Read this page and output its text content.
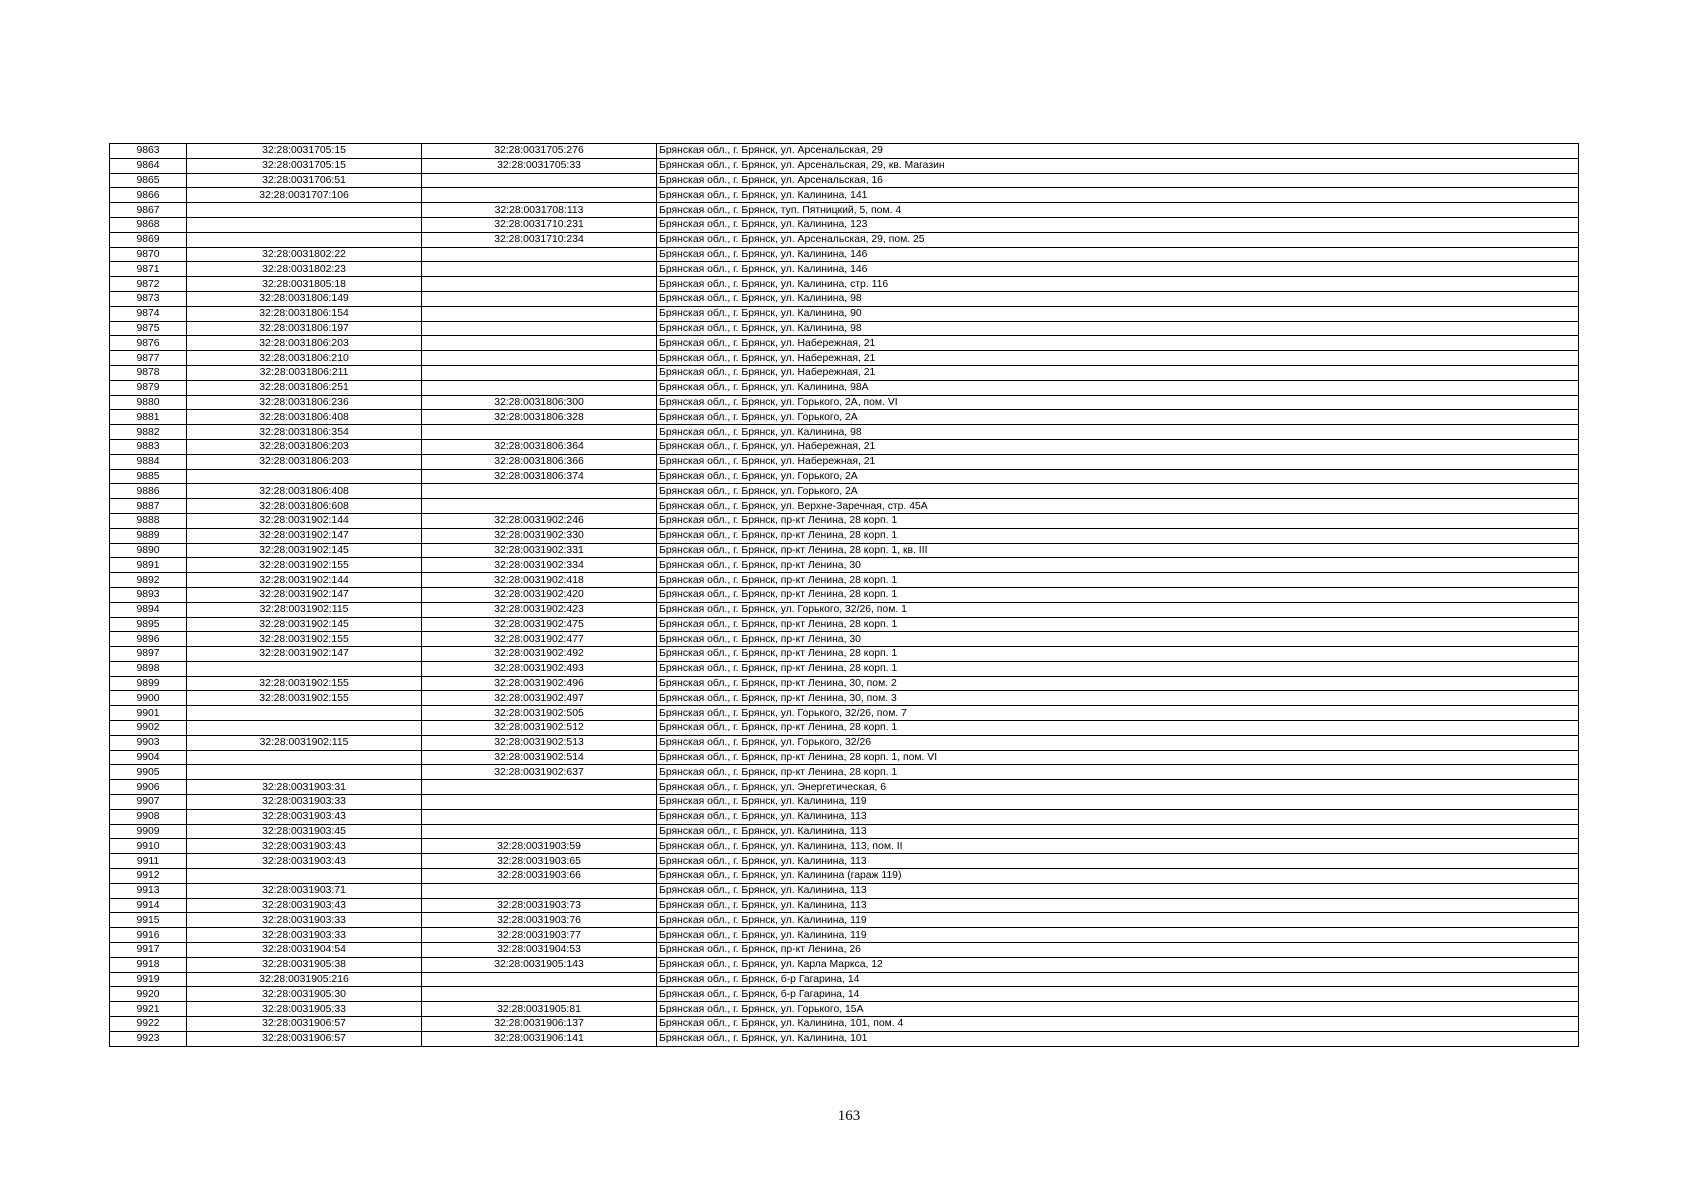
9863	32:28:0031705:15	32:28:0031705:276	Брянская обл., г. Брянск, ул. Арсенальская, 29
9864	32:28:0031705:15	32:28:0031705:33	Брянская обл., г. Брянск, ул. Арсенальская, 29, кв. Магазин
9865	32:28:0031706:51		Брянская обл., г. Брянск, ул. Арсенальская, 16
9866	32:28:0031707:106		Брянская обл., г. Брянск, ул. Калинина, 141
9867		32:28:0031708:113	Брянская обл., г. Брянск, туп. Пятницкий, 5, пом. 4
9868		32:28:0031710:231	Брянская обл., г. Брянск, ул. Калинина, 123
9869		32:28:0031710:234	Брянская обл., г. Брянск, ул. Арсенальская, 29, пом. 25
9870	32:28:0031802:22		Брянская обл., г. Брянск, ул. Калинина, 146
9871	32:28:0031802:23		Брянская обл., г. Брянск, ул. Калинина, 146
9872	32:28:0031805:18		Брянская обл., г. Брянск, ул. Калинина, стр. 116
9873	32:28:0031806:149		Брянская обл., г. Брянск, ул. Калинина, 98
9874	32:28:0031806:154		Брянская обл., г. Брянск, ул. Калинина, 90
9875	32:28:0031806:197		Брянская обл., г. Брянск, ул. Калинина, 98
9876	32:28:0031806:203		Брянская обл., г. Брянск, ул. Набережная, 21
9877	32:28:0031806:210		Брянская обл., г. Брянск, ул. Набережная, 21
9878	32:28:0031806:211		Брянская обл., г. Брянск, ул. Набережная, 21
9879	32:28:0031806:251		Брянская обл., г. Брянск, ул. Калинина, 98А
9880	32:28:0031806:236	32:28:0031806:300	Брянская обл., г. Брянск, ул. Горького, 2А, пом. VI
9881	32:28:0031806:408	32:28:0031806:328	Брянская обл., г. Брянск, ул. Горького, 2А
9882	32:28:0031806:354		Брянская обл., г. Брянск, ул. Калинина, 98
9883	32:28:0031806:203	32:28:0031806:364	Брянская обл., г. Брянск, ул. Набережная, 21
9884	32:28:0031806:203	32:28:0031806:366	Брянская обл., г. Брянск, ул. Набережная, 21
9885		32:28:0031806:374	Брянская обл., г. Брянск, ул. Горького, 2А
9886	32:28:0031806:408		Брянская обл., г. Брянск, ул. Горького, 2А
9887	32:28:0031806:608		Брянская обл., г. Брянск, ул. Верхне-Заречная, стр. 45А
9888	32:28:0031902:144	32:28:0031902:246	Брянская обл., г. Брянск, пр-кт Ленина, 28 корп. 1
9889	32:28:0031902:147	32:28:0031902:330	Брянская обл., г. Брянск, пр-кт Ленина, 28 корп. 1
9890	32:28:0031902:145	32:28:0031902:331	Брянская обл., г. Брянск, пр-кт Ленина, 28 корп. 1, кв. III
9891	32:28:0031902:155	32:28:0031902:334	Брянская обл., г. Брянск, пр-кт Ленина, 30
9892	32:28:0031902:144	32:28:0031902:418	Брянская обл., г. Брянск, пр-кт Ленина, 28 корп. 1
9893	32:28:0031902:147	32:28:0031902:420	Брянская обл., г. Брянск, пр-кт Ленина, 28 корп. 1
9894	32:28:0031902:115	32:28:0031902:423	Брянская обл., г. Брянск, ул. Горького, 32/26, пом. 1
9895	32:28:0031902:145	32:28:0031902:475	Брянская обл., г. Брянск, пр-кт Ленина, 28 корп. 1
9896	32:28:0031902:155	32:28:0031902:477	Брянская обл., г. Брянск, пр-кт Ленина, 30
9897	32:28:0031902:147	32:28:0031902:492	Брянская обл., г. Брянск, пр-кт Ленина, 28 корп. 1
9898		32:28:0031902:493	Брянская обл., г. Брянск, пр-кт Ленина, 28 корп. 1
9899	32:28:0031902:155	32:28:0031902:496	Брянская обл., г. Брянск, пр-кт Ленина, 30, пом. 2
9900	32:28:0031902:155	32:28:0031902:497	Брянская обл., г. Брянск, пр-кт Ленина, 30, пом. 3
9901		32:28:0031902:505	Брянская обл., г. Брянск, ул. Горького, 32/26, пом. 7
9902		32:28:0031902:512	Брянская обл., г. Брянск, пр-кт Ленина, 28 корп. 1
9903	32:28:0031902:115	32:28:0031902:513	Брянская обл., г. Брянск, ул. Горького, 32/26
9904		32:28:0031902:514	Брянская обл., г. Брянск, пр-кт Ленина, 28 корп. 1, пом. VI
9905		32:28:0031902:637	Брянская обл., г. Брянск, пр-кт Ленина, 28 корп. 1
9906	32:28:0031903:31		Брянская обл., г. Брянск, ул. Энергетическая, 6
9907	32:28:0031903:33		Брянская обл., г. Брянск, ул. Калинина, 119
9908	32:28:0031903:43		Брянская обл., г. Брянск, ул. Калинина, 113
9909	32:28:0031903:45		Брянская обл., г. Брянск, ул. Калинина, 113
9910	32:28:0031903:43	32:28:0031903:59	Брянская обл., г. Брянск, ул. Калинина, 113, пом. II
9911	32:28:0031903:43	32:28:0031903:65	Брянская обл., г. Брянск, ул. Калинина, 113
9912		32:28:0031903:66	Брянская обл., г. Брянск, ул. Калинина (гараж 119)
9913	32:28:0031903:71		Брянская обл., г. Брянск, ул. Калинина, 113
9914	32:28:0031903:43	32:28:0031903:73	Брянская обл., г. Брянск, ул. Калинина, 113
9915	32:28:0031903:33	32:28:0031903:76	Брянская обл., г. Брянск, ул. Калинина, 119
9916	32:28:0031903:33	32:28:0031903:77	Брянская обл., г. Брянск, ул. Калинина, 119
9917	32:28:0031904:54	32:28:0031904:53	Брянская обл., г. Брянск, пр-кт Ленина, 26
9918	32:28:0031905:38	32:28:0031905:143	Брянская обл., г. Брянск, ул. Карла Маркса, 12
9919	32:28:0031905:216		Брянская обл., г. Брянск, б-р Гагарина, 14
9920	32:28:0031905:30		Брянская обл., г. Брянск, б-р Гагарина, 14
9921	32:28:0031905:33	32:28:0031905:81	Брянская обл., г. Брянск, ул. Горького, 15А
9922	32:28:0031906:57	32:28:0031906:137	Брянская обл., г. Брянск, ул. Калинина, 101, пом. 4
9923	32:28:0031906:57	32:28:0031906:141	Брянская обл., г. Брянск, ул. Калинина, 101
163
